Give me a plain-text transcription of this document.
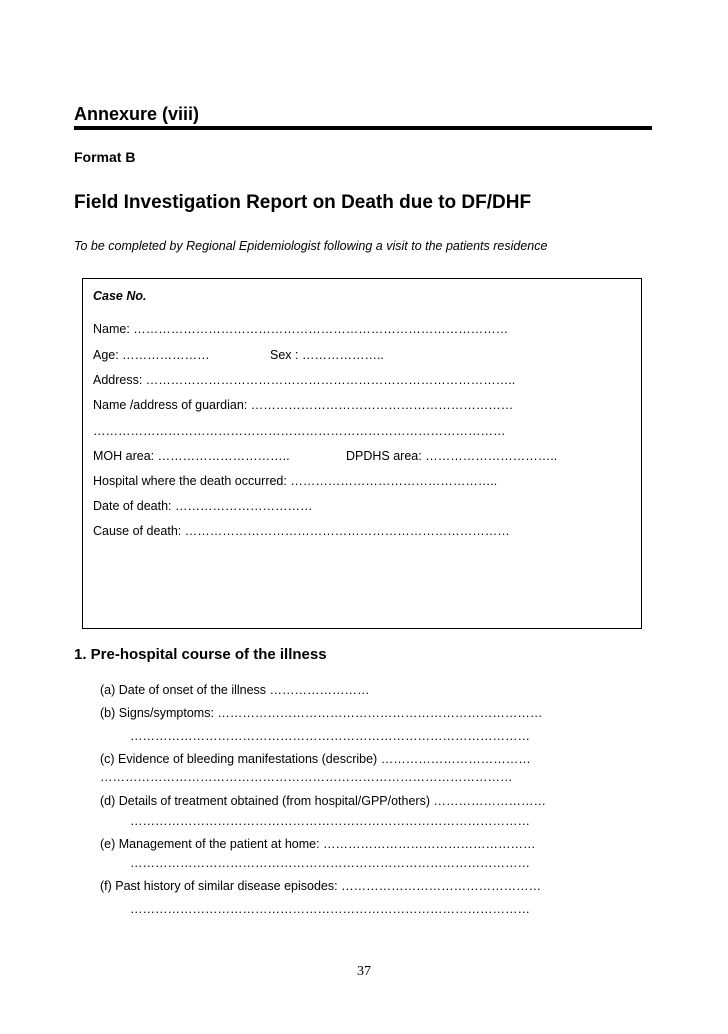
Annexure (viii)
Format B
Field Investigation Report on Death due to DF/DHF
To be completed by Regional Epidemiologist following a visit to the patients residence
Case No.
Name: ………………………………………………………………………………
Age: …………………	Sex : ………………..
Address: ……………………………………………………………………………..
Name /address of guardian: ………………………………………………………
………………………………………………………………………………………
MOH area: …………………………..	DPDHS area: …………………………..
Hospital where the death occurred: …………………………………………..
Date of death: ……………………………
Cause of death: ……………………………………………………………………
1. Pre-hospital course of the illness
(a) Date of onset of the illness ……………………
(b) Signs/symptoms: ……………………………………………………………………
……………………………………………………………………………………
(c) Evidence of bleeding manifestations (describe) ………………………………
………………………………………………………………………………………
(d) Details of treatment obtained (from hospital/GPP/others) ………………………
……………………………………………………………………………………
(e) Management of the patient at home: ……………………………………………
……………………………………………………………………………………
(f) Past history of similar disease episodes: …………………………………………
……………………………………………………………………………………
37
